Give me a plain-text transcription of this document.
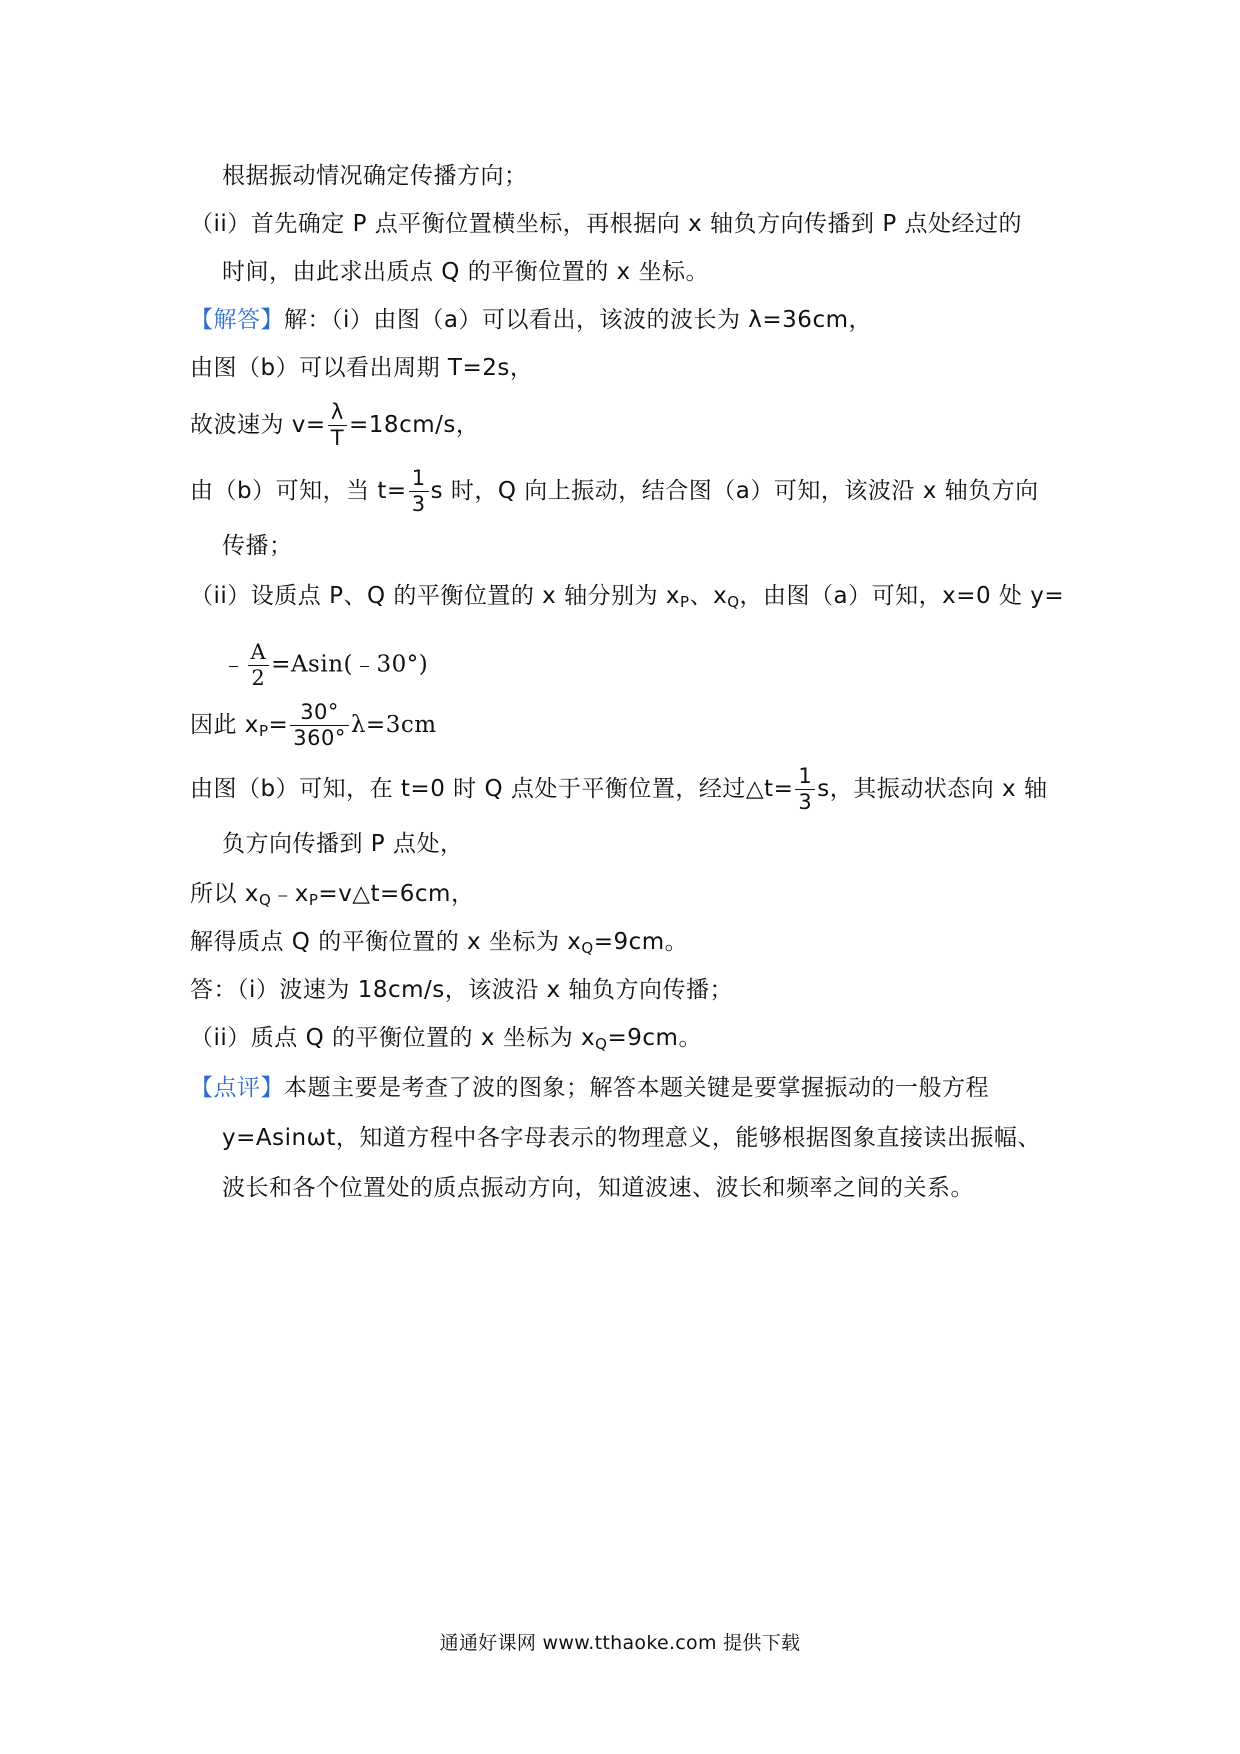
根据振动情况确定传播方向；
（ii）首先确定 P 点平衡位置横坐标，再根据向 x 轴负方向传播到 P 点处经过的
时间，由此求出质点 Q 的平衡位置的 x 坐标。
【解答】解：（i）由图（a）可以看出，该波的波长为 λ=36cm，
由图（b）可以看出周期 T=2s，
故波速为 $v= \frac{\lambda}{T} =18cm/s$，
由（b）可知，当 $t= \frac{1}{3}$ s 时，Q 向上振动，结合图（a）可知，该波沿 x 轴负方向
传播；
（ii）设质点 P、Q 的平衡位置的 x 轴分别为 $x_P$、$x_Q$，由图（a）可知，x=0 处 y=
﹣ $\frac{A}{2}$ =Asin(﹣30°)
因此 $x_P= \frac{30^\circ}{360^\circ} \lambda=3cm$
由图（b）可知，在 t=0 时 Q 点处于平衡位置，经过△t= $\frac{1}{3}$ s，其振动状态向 x 轴
负方向传播到 P 点处，
所以 $x_Q﹣x_P=v\triangle t=6cm$，
解得质点 Q 的平衡位置的 x 坐标为 $x_Q=9cm$。
答：（i）波速为 18cm/s，该波沿 x 轴负方向传播；
（ii）质点 Q 的平衡位置的 x 坐标为 $x_Q=9cm$。
【点评】本题主要是考查了波的图象；解答本题关键是要掌握振动的一般方程
y=Asinωt，知道方程中各字母表示的物理意义，能够根据图象直接读出振幅、
波长和各个位置处的质点振动方向，知道波速、波长和频率之间的关系。
通通好课网 www.tthaoke.com 提供下载
